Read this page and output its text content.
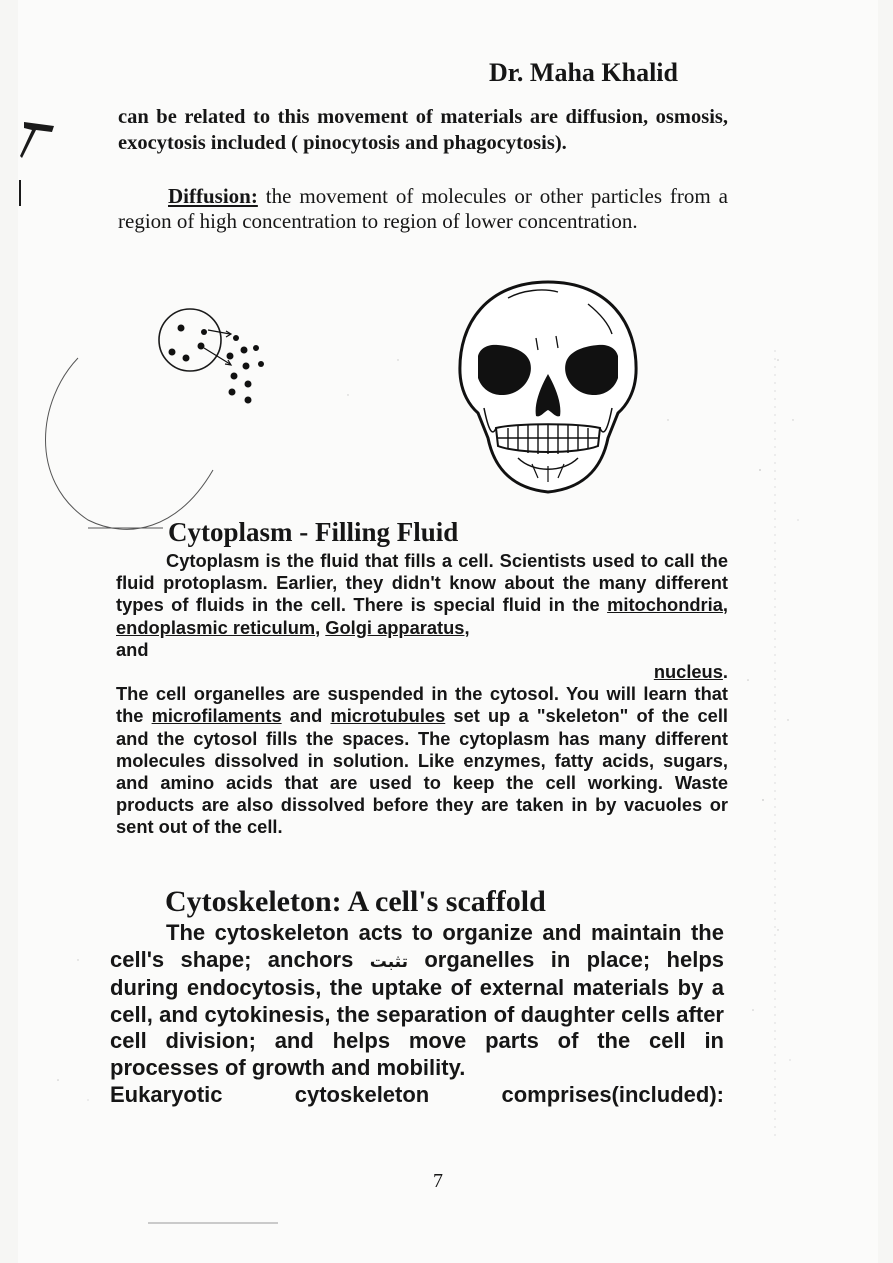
Dr. Maha Khalid
can be related to this movement of materials are diffusion, osmosis, exocytosis included ( pinocytosis and phagocytosis).
Diffusion: the movement of molecules or other particles from a region of high concentration to region of lower concentration.
Cytoplasm - Filling Fluid
Cytoplasm is the fluid that fills a cell. Scientists used to call the fluid protoplasm. Earlier, they didn't know about the many different types of fluids in the cell. There is special fluid in the mitochondria, endoplasmic reticulum, Golgi apparatus,
and
nucleus.
The cell organelles are suspended in the cytosol. You will learn that the microfilaments and microtubules set up a "skeleton" of the cell and the cytosol fills the spaces. The cytoplasm has many different molecules dissolved in solution. Like enzymes, fatty acids, sugars, and amino acids that are used to keep the cell working. Waste products are also dissolved before they are taken in by vacuoles or sent out of the cell.
Cytoskeleton: A cell's scaffold
The cytoskeleton acts to organize and maintain the cell's shape; anchors تثبت organelles in place; helps during endocytosis, the uptake of external materials by a cell, and cytokinesis, the separation of daughter cells after cell division; and helps move parts of the cell in processes of growth and mobility.
Eukaryotic	cytoskeleton	comprises(included):
7
